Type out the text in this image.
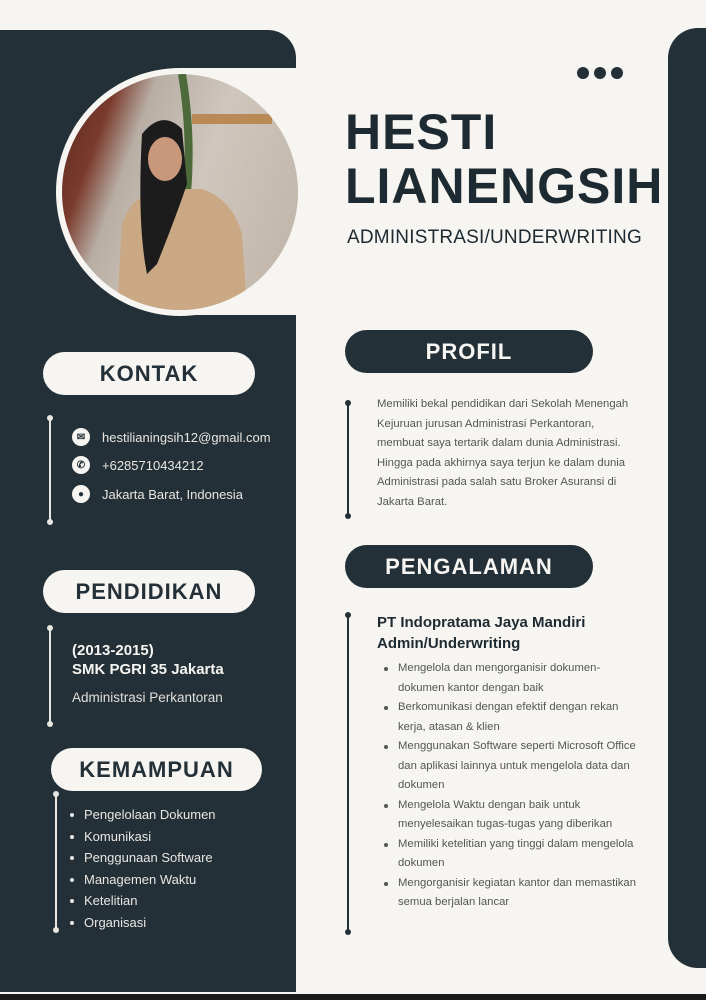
HESTI
LIANENGSIH
ADMINISTRASI/UNDERWRITING
KONTAK
✉	hestilianingsih12@gmail.com
✆	+6285710434212
●	Jakarta Barat, Indonesia
PENDIDIKAN
(2013-2015)
SMK PGRI 35 Jakarta
Administrasi Perkantoran
KEMAMPUAN
Pengelolaan Dokumen
Komunikasi
Penggunaan Software
Managemen Waktu
Ketelitian
Organisasi
PROFIL
Memiliki bekal pendidikan dari Sekolah Menengah Kejuruan jurusan Administrasi Perkantoran, membuat saya tertarik dalam dunia Administrasi. Hingga pada akhirnya saya terjun ke dalam dunia Administrasi pada salah satu Broker Asuransi di Jakarta Barat.
PENGALAMAN
PT Indopratama Jaya Mandiri
Admin/Underwriting
Mengelola dan mengorganisir dokumen-dokumen kantor dengan baik
Berkomunikasi dengan efektif dengan rekan kerja, atasan & klien
Menggunakan Software seperti Microsoft Office dan aplikasi lainnya untuk mengelola data dan dokumen
Mengelola Waktu dengan baik untuk menyelesaikan tugas-tugas yang diberikan
Memiliki ketelitian yang tinggi dalam mengelola dokumen
Mengorganisir kegiatan kantor dan memastikan semua berjalan lancar
